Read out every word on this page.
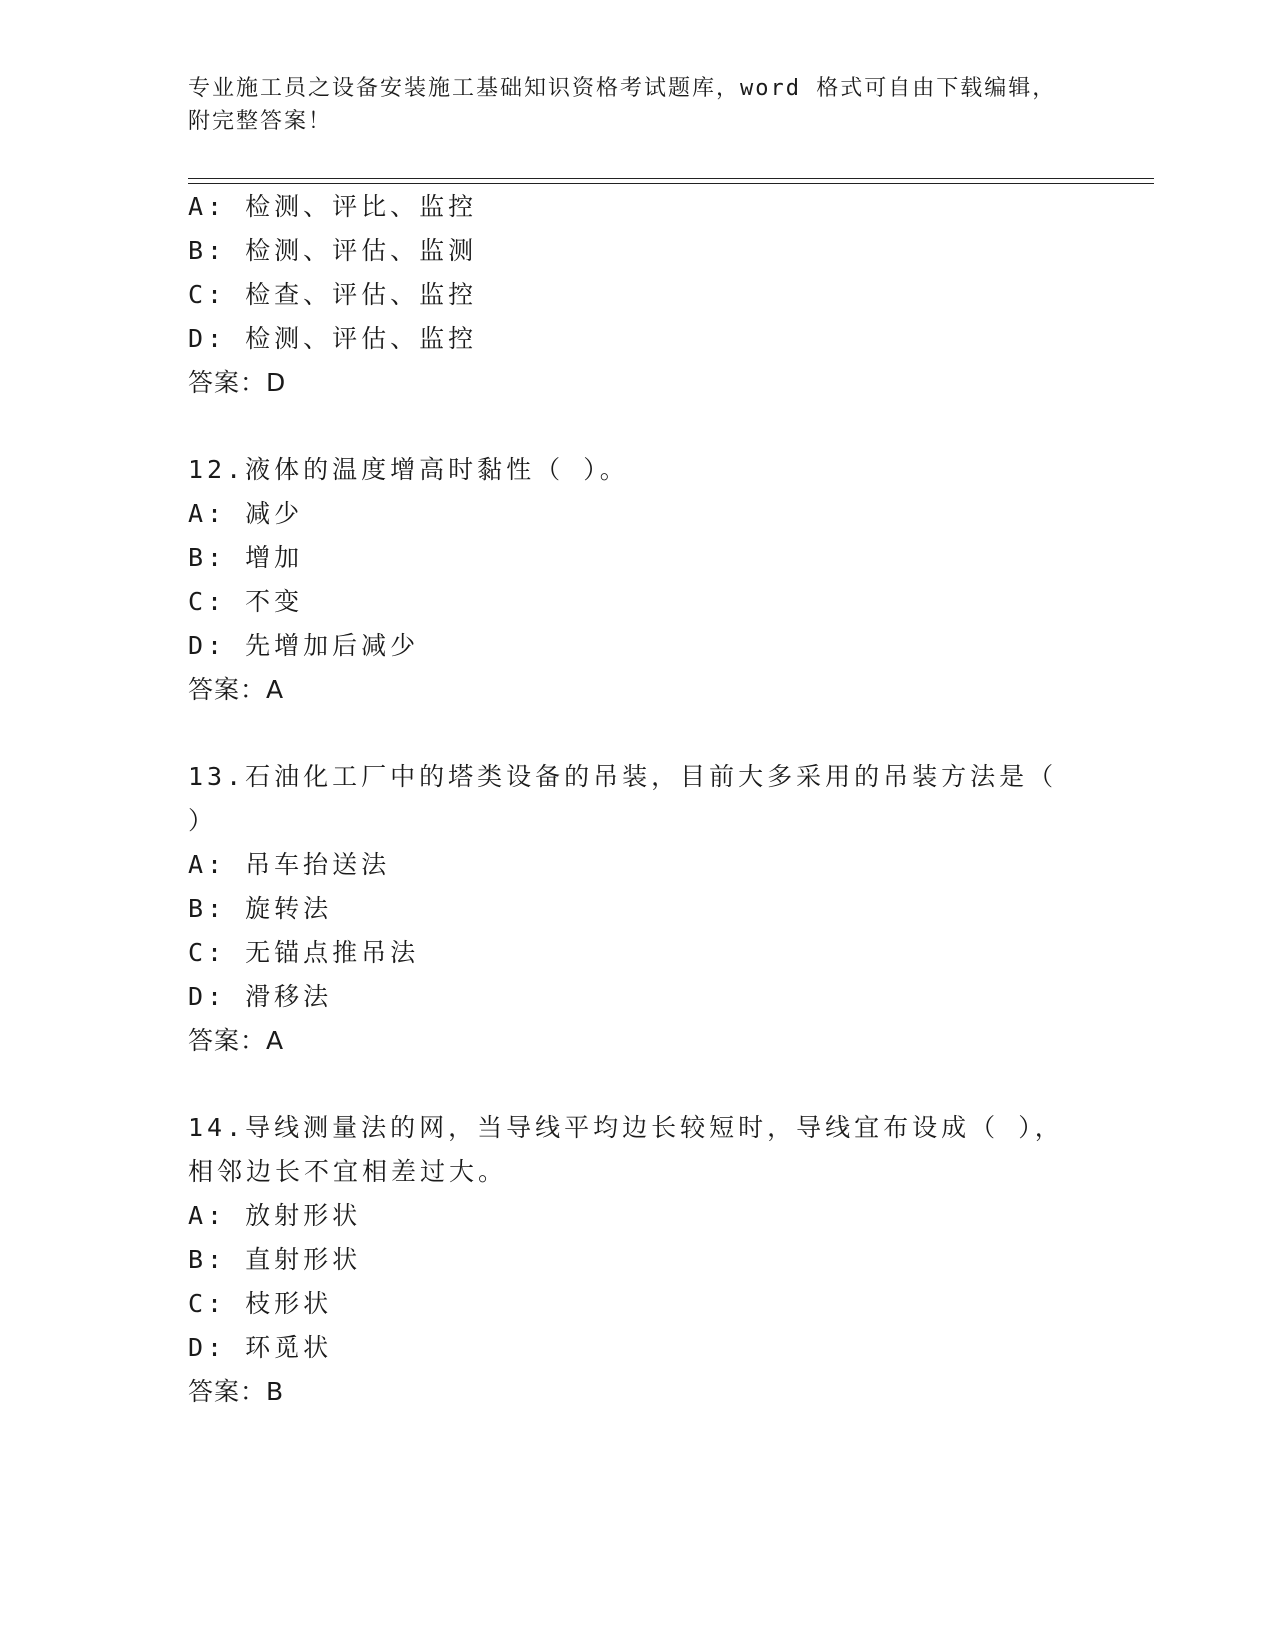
专业施工员之设备安装施工基础知识资格考试题库，word 格式可自由下载编辑，
附完整答案！
A: 检测、评比、监控
B: 检测、评估、监测
C: 检查、评估、监控
D: 检测、评估、监控
答案：D
12.液体的温度增高时黏性（ ）。
A: 减少
B: 增加
C: 不变
D: 先增加后减少
答案：A
13.石油化工厂中的塔类设备的吊装，目前大多采用的吊装方法是（
）
A: 吊车抬送法
B: 旋转法
C: 无锚点推吊法
D: 滑移法
答案：A
14.导线测量法的网，当导线平均边长较短时，导线宜布设成（ ），
相邻边长不宜相差过大。
A: 放射形状
B: 直射形状
C: 枝形状
D: 环觅状
答案：B
